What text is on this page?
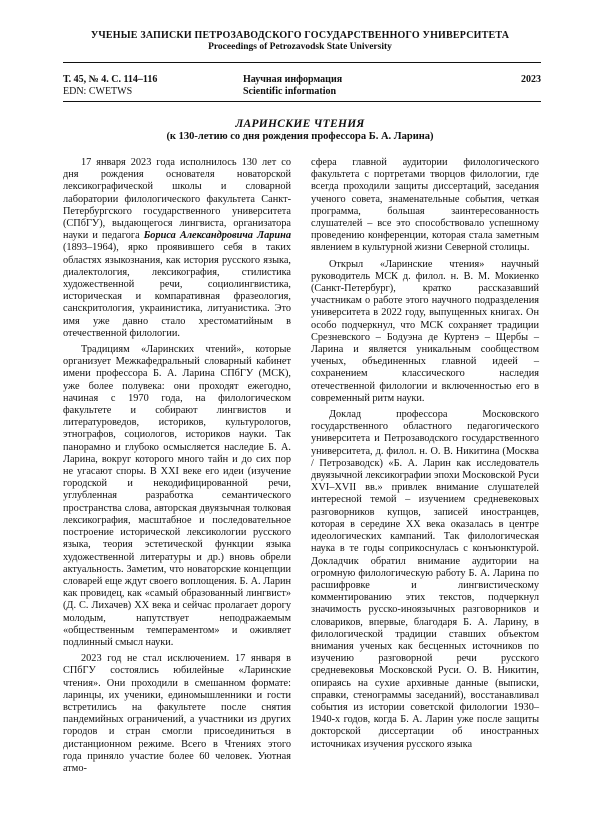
УЧЕНЫЕ ЗАПИСКИ ПЕТРОЗАВОДСКОГО ГОСУДАРСТВЕННОГО УНИВЕРСИТЕТА
Proceedings of Petrozavodsk State University
Т. 45, № 4. С. 114–116	Научная информация	2023
EDN: CWETWS	Scientific information
ЛАРИНСКИЕ ЧТЕНИЯ
(к 130-летию со дня рождения профессора Б. А. Ларина)

17 января 2023 года исполнилось 130 лет со дня рождения основателя новаторской лексикографической школы и словарной лаборатории филологического факультета Санкт-Петербургского государственного университета (СПбГУ), выдающегося лингвиста, организатора науки и педагога Бориса Александровича Ларина (1893–1964), ярко проявившего себя в таких областях языкознания, как история русского языка, диалектология, лексикография, стилистика художественной речи, социолингвистика, историческая и компаративная фразеология, санскритология, украинистика, литуанистика. Это имя уже давно стало хрестоматийным в отечественной филологии.

Традициям «Ларинских чтений», которые организует Межкафедральный словарный кабинет имени профессора Б. А. Ларина СПбГУ (МСК), уже более полувека: они проходят ежегодно, начиная с 1970 года, на филологическом факультете и собирают лингвистов и литературоведов, историков, культурологов, этнографов, социологов, историков науки. Так панорамно и глубоко осмысляется наследие Б. А. Ларина, вокруг которого много тайн и до сих пор не угасают споры. В XXI веке его идеи (изучение городской и некодифицированной речи, углубленная разработка семантического пространства слова, авторская двуязычная толковая лексикография, масштабное и последовательное построение исторической лексикологии русского языка, теория эстетической функции языка художественной литературы и др.) вновь обрели актуальность. Заметим, что новаторские концепции словарей еще ждут своего воплощения. Б. А. Ларин как провидец, как «самый образованный лингвист» (Д. С. Лихачев) XX века и сейчас пролагает дорогу молодым, напутствует неподражаемым «общественным темпераментом» и оживляет подлинный смысл науки.

2023 год не стал исключением. 17 января в СПбГУ состоялись юбилейные «Ларинские чтения». Они проходили в смешанном формате: ларинцы, их ученики, единомышленники и гости встретились на факультете после снятия пандемийных ограничений, а участники из других городов и стран смогли присоединиться в дистанционном режиме. Всего в Чтениях этого года приняло участие более 60 человек. Уютная атмо-

сфера главной аудитории филологического факультета с портретами творцов филологии, где всегда проходили защиты диссертаций, заседания ученого совета, знаменательные события, четкая программа, большая заинтересованность слушателей – все это способствовало успешному проведению конференции, которая стала заметным явлением в культурной жизни Северной столицы.

Открыл «Ларинские чтения» научный руководитель МСК д. филол. н. В. М. Мокиенко (Санкт-Петербург), кратко рассказавший участникам о работе этого научного подразделения университета в 2022 году, выпущенных книгах. Он особо подчеркнул, что МСК сохраняет традиции Срезневского – Бодуэна де Куртенэ – Щербы – Ларина и является уникальным сообществом ученых, объединенных главной идеей – сохранением классического наследия отечественной филологии и включенностью его в современный ритм науки.

Доклад профессора Московского государственного областного педагогического университета и Петрозаводского государственного университета, д. филол. н. О. В. Никитина (Москва / Петрозаводск) «Б. А. Ларин как исследователь двуязычной лексикографии эпохи Московской Руси XVI–XVII вв.» привлек внимание слушателей интересной темой – изучением средневековых разговорников купцов, записей иностранцев, которая в середине XX века оказалась в центре идеологических кампаний. Так филологическая наука в те годы соприкоснулась с конъюнктурой. Докладчик обратил внимание аудитории на огромную филологическую работу Б. А. Ларина по расшифровке и лингвистическому комментированию этих текстов, подчеркнул значимость русско-иноязычных разговорников и словариков, впервые, благодаря Б. А. Ларину, в филологической традиции ставших объектом внимания ученых как бесценных источников по изучению разговорной речи русского средневековья Московской Руси. О. В. Никитин, опираясь на сухие архивные данные (выписки, справки, стенограммы заседаний), восстанавливал события из истории советской филологии 1930–1940-х годов, когда Б. А. Ларин уже после защиты докторской диссертации об иностранных источниках изучения русского языка
